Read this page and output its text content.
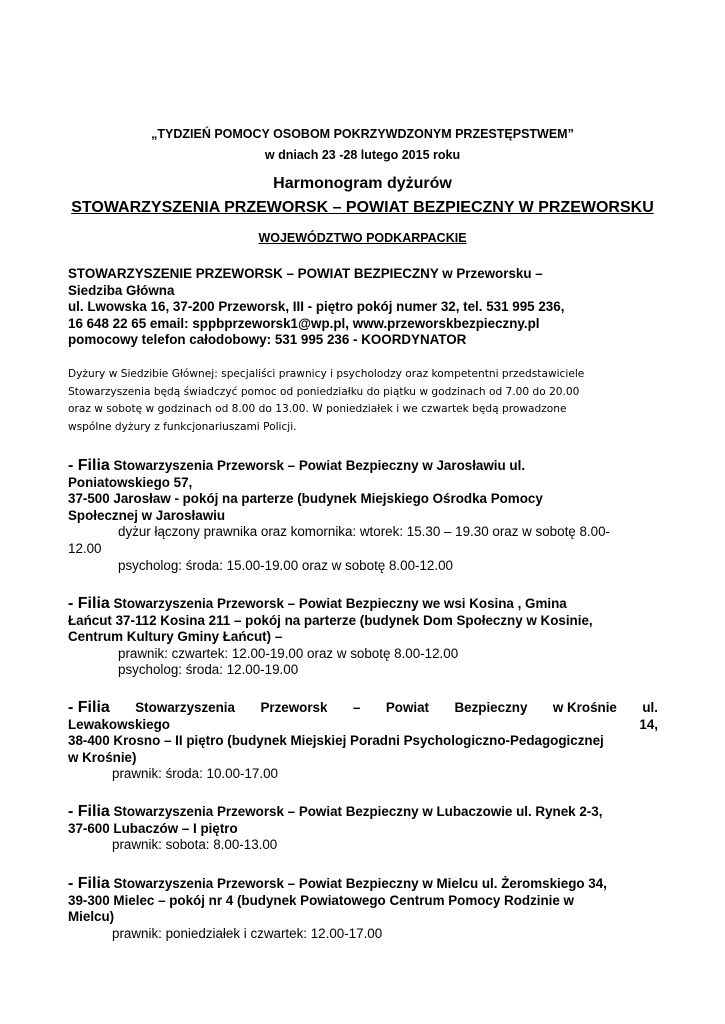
„TYDZIEŃ POMOCY OSOBOM POKRZYWDZONYM PRZESTĘPSTWEM”
w dniach 23 -28 lutego 2015 roku
Harmonogram dyżurów
STOWARZYSZENIA PRZEWORSK – POWIAT BEZPIECZNY W PRZEWORSKU
WOJEWÓDZTWO PODKARPACKIE

STOWARZYSZENIE PRZEWORSK – POWIAT BEZPIECZNY w Przeworsku –

Siedziba Główna

ul. Lwowska 16, 37-200 Przeworsk, III - piętro pokój numer 32, tel. 531 995 236,

16 648 22 65 email: sppbprzeworsk1@wp.pl, www.przeworskbezpieczny.pl

pomocowy telefon całodobowy: 531 995 236 - KOORDYNATOR

Dyżury w Siedzibie Głównej: specjaliści prawnicy i psycholodzy oraz kompetentni przedstawiciele

Stowarzyszenia będą świadczyć pomoc od poniedziałku do piątku w godzinach od 7.00 do 20.00

oraz w sobotę w godzinach od 8.00 do 13.00. W poniedziałek i we czwartek będą prowadzone

wspólne dyżury z funkcjonariuszami Policji.

- Filia Stowarzyszenia Przeworsk – Powiat Bezpieczny w Jarosławiu ul.

Poniatowskiego 57,

37-500 Jarosław - pokój na parterze (budynek Miejskiego Ośrodka Pomocy

Społecznej w Jarosławiu

dyżur łączony prawnika oraz komornika: wtorek: 15.30 – 19.30 oraz w sobotę 8.00-

12.00

psycholog: środa: 15.00-19.00 oraz w sobotę 8.00-12.00

- Filia Stowarzyszenia Przeworsk – Powiat Bezpieczny we wsi Kosina , Gmina

Łańcut 37-112 Kosina 211 – pokój na parterze (budynek Dom Społeczny w Kosinie,

Centrum Kultury Gminy Łańcut) –

prawnik: czwartek: 12.00-19.00 oraz w sobotę 8.00-12.00

psycholog: środa: 12.00-19.00

- Filia Stowarzyszenia Przeworsk – Powiat Bezpieczny w Krośnie ul.

Lewakowskiego	14,

38-400 Krosno – II piętro (budynek Miejskiej Poradni Psychologiczno-Pedagogicznej

w Krośnie)

prawnik: środa: 10.00-17.00

- Filia Stowarzyszenia Przeworsk – Powiat Bezpieczny w Lubaczowie ul. Rynek 2-3,

37-600 Lubaczów – I piętro

prawnik: sobota: 8.00-13.00

- Filia Stowarzyszenia Przeworsk – Powiat Bezpieczny w Mielcu ul. Żeromskiego 34,

39-300 Mielec – pokój nr 4 (budynek Powiatowego Centrum Pomocy Rodzinie w

Mielcu)

prawnik: poniedziałek i czwartek: 12.00-17.00
